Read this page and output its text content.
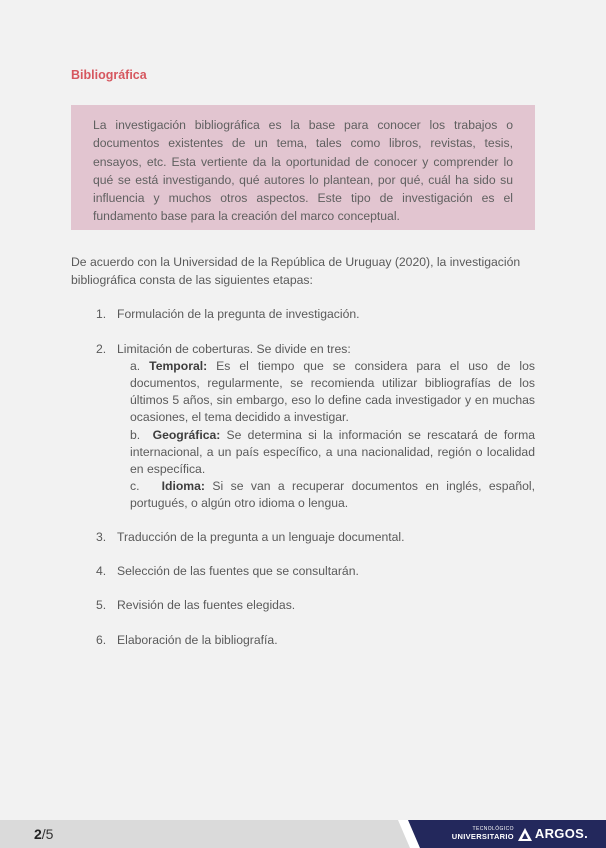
Bibliográfica

La investigación bibliográfica es la base para conocer los trabajos o documentos existentes de un tema, tales como libros, revistas, tesis, ensayos, etc. Esta vertiente da la oportunidad de conocer y comprender lo qué se está investigando, qué autores lo plantean, por qué, cuál ha sido su influencia y muchos otros aspectos. Este tipo de investigación es el fundamento base para la creación del marco conceptual.

De acuerdo con la Universidad de la República de Uruguay (2020), la investigación bibliográfica consta de las siguientes etapas:

1. Formulación de la pregunta de investigación.
2. Limitación de coberturas. Se divide en tres:

a. Temporal: Es el tiempo que se considera para el uso de los documentos, regularmente, se recomienda utilizar bibliografías de los últimos 5 años, sin embargo, eso lo define cada investigador y en muchas ocasiones, el tema decidido a investigar.

b. Geográfica: Se determina si la información se rescatará de forma internacional, a un país específico, a una nacionalidad, región o localidad en específica.

c. Idioma: Si se van a recuperar documentos en inglés, español, portugués, o algún otro idioma o lengua.

3. Traducción de la pregunta a un lenguaje documental.
4. Selección de las fuentes que se consultarán.
5. Revisión de las fuentes elegidas.
6. Elaboración de la bibliografía.
2/5	TECNOLÓGICO
UNIVERSITARIO ARGOS.
